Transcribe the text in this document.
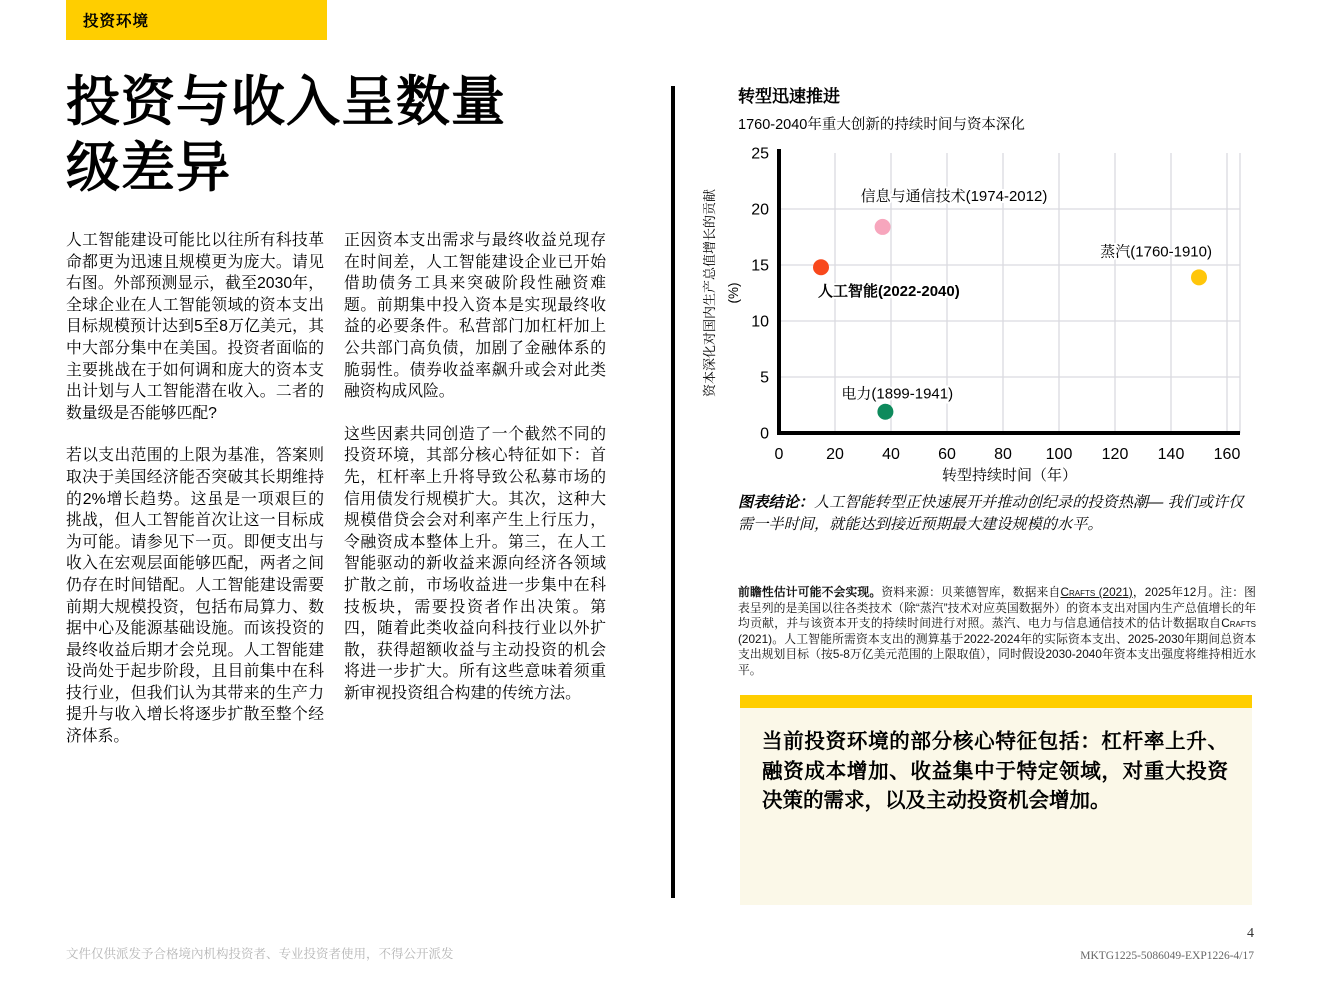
投资环境
投资与收入呈数量
级差异

人工智能建设可能比以往所有科技革命都更为迅速且规模更为庞大。请见右图。外部预测显示，截至2030年，全球企业在人工智能领域的资本支出目标规模预计达到5至8万亿美元，其中大部分集中在美国。投资者面临的主要挑战在于如何调和庞大的资本支出计划与人工智能潜在收入。二者的数量级是否能够匹配?

若以支出范围的上限为基准，答案则取决于美国经济能否突破其长期维持的2%增长趋势。这虽是一项艰巨的挑战，但人工智能首次让这一目标成为可能。请参见下一页。即便支出与收入在宏观层面能够匹配，两者之间仍存在时间错配。人工智能建设需要前期大规模投资，包括布局算力、数据中心及能源基础设施。而该投资的最终收益后期才会兑现。人工智能建设尚处于起步阶段，且目前集中在科技行业，但我们认为其带来的生产力提升与收入增长将逐步扩散至整个经济体系。

正因资本支出需求与最终收益兑现存在时间差，人工智能建设企业已开始借助债务工具来突破阶段性融资难题。前期集中投入资本是实现最终收益的必要条件。私营部门加杠杆加上公共部门高负债，加剧了金融体系的脆弱性。债券收益率飙升或会对此类融资构成风险。

这些因素共同创造了一个截然不同的投资环境，其部分核心特征如下：首先，杠杆率上升将导致公私募市场的信用债发行规模扩大。其次，这种大规模借贷会会对利率产生上行压力，令融资成本整体上升。第三，在人工智能驱动的新收益来源向经济各领域扩散之前，市场收益进一步集中在科技板块，需要投资者作出决策。第四，随着此类收益向科技行业以外扩散，获得超额收益与主动投资的机会将进一步扩大。所有这些意味着须重新审视投资组合构建的传统方法。

转型迅速推进

1760-2040年重大创新的持续时间与资本深化

0	20 40 60 80 100 120 140 160
0
5
10
15
20
25
转型持续时间（年）
资本深化对国内生产总值增长的贡献 (%)	人工智能(2022-2040)
信息与通信技术(1974-2012)
蒸汽(1760-1910)
电力(1899-1941)

图表结论：人工智能转型正快速展开并推动创纪录的投资热潮— 我们或许仅需一半时间，就能达到接近预期最大建设规模的水平。

前瞻性估计可能不会实现。资料来源：贝莱德智库，数据来自Crafts (2021)，2025年12月。注：图表呈列的是美国以往各类技术（除“蒸汽”技术对应英国数据外）的资本支出对国内生产总值增长的年均贡献，并与该资本开支的持续时间进行对照。蒸汽、电力与信息通信技术的估计数据取自Crafts (2021)。人工智能所需资本支出的测算基于2022-2024年的实际资本支出、2025-2030年期间总资本支出规划目标（按5-8万亿美元范围的上限取值），同时假设2030-2040年资本支出强度将维持相近水平。

当前投资环境的部分核心特征包括：杠杆率上升、融资成本增加、收益集中于特定领域，对重大投资决策的需求，以及主动投资机会增加。
文件仅供派发予合格境內机构投资者、专业投资者使用，不得公开派发
4
MKTG1225-5086049-EXP1226-4/17
